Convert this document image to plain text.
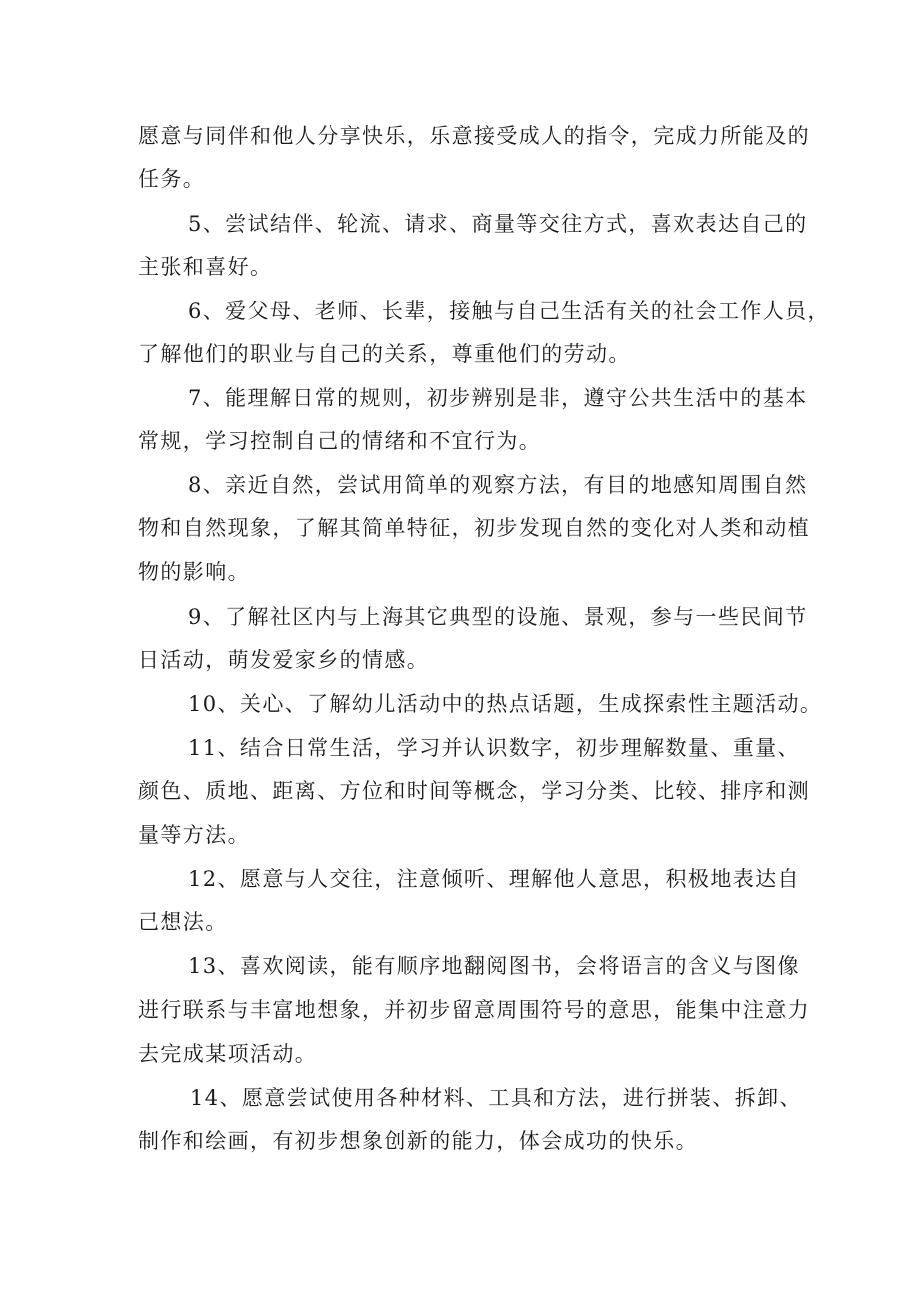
愿意与同伴和他人分享快乐，乐意接受成人的指令，完成力所能及的
任务。
5、尝试结伴、轮流、请求、商量等交往方式，喜欢表达自己的
主张和喜好。
6、爱父母、老师、长辈，接触与自己生活有关的社会工作人员，
了解他们的职业与自己的关系，尊重他们的劳动。
7、能理解日常的规则，初步辨别是非，遵守公共生活中的基本
常规，学习控制自己的情绪和不宜行为。
8、亲近自然，尝试用简单的观察方法，有目的地感知周围自然
物和自然现象，了解其简单特征，初步发现自然的变化对人类和动植
物的影响。
9、了解社区内与上海其它典型的设施、景观，参与一些民间节
日活动，萌发爱家乡的情感。
10、关心、了解幼儿活动中的热点话题，生成探索性主题活动。
11、结合日常生活，学习并认识数字，初步理解数量、重量、
颜色、质地、距离、方位和时间等概念，学习分类、比较、排序和测
量等方法。
12、愿意与人交往，注意倾听、理解他人意思，积极地表达自
己想法。
13、喜欢阅读，能有顺序地翻阅图书，会将语言的含义与图像
进行联系与丰富地想象，并初步留意周围符号的意思，能集中注意力
去完成某项活动。
14、愿意尝试使用各种材料、工具和方法，进行拼装、拆卸、
制作和绘画，有初步想象创新的能力，体会成功的快乐。
